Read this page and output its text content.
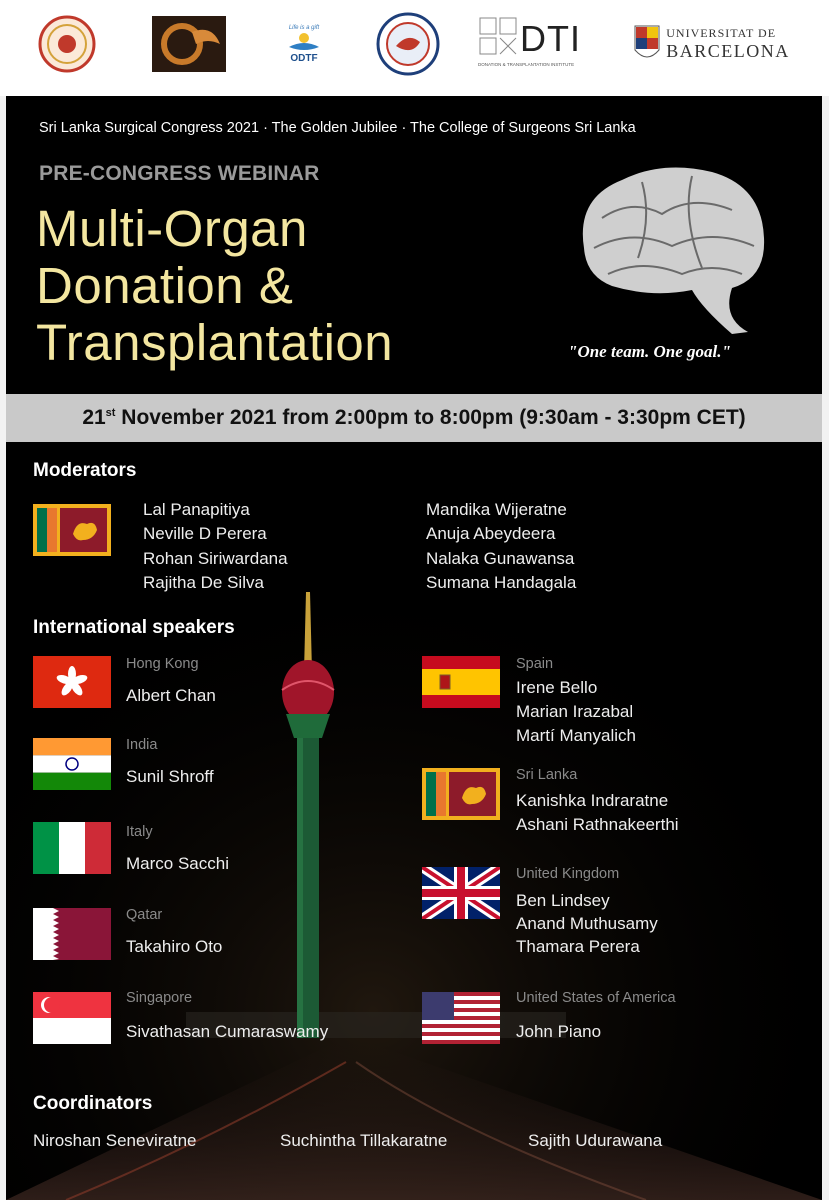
Life is a gift
ODTF	DTI
DONATION & TRANSPLANTATION INSTITUTE
UNIVERSITAT DE
BARCELONA
Sri Lanka Surgical Congress 2021 · The Golden Jubilee · The College of Surgeons Sri Lanka
PRE-CONGRESS WEBINAR
Multi-Organ
Donation &
Transplantation	"One team. One goal."
21st November 2021 from 2:00pm to 8:00pm (9:30am - 3:30pm CET)
Moderators
Lal Panapitiya
Neville D Perera
Rohan Siriwardana
Rajitha De Silva
Mandika Wijeratne
Anuja Abeydeera
Nalaka Gunawansa
Sumana Handagala
International speakers
Hong Kong
Albert Chan
India
Sunil Shroff
Italy
Marco Sacchi
Qatar
Takahiro Oto
Singapore
Sivathasan Cumaraswamy
Spain
Irene Bello
Marian Irazabal
Martí Manyalich
Sri Lanka
Kanishka Indraratne
Ashani Rathnakeerthi
United Kingdom
Ben Lindsey
Anand Muthusamy
Thamara Perera
United States of America
John Piano
Coordinators
Niroshan Seneviratne	Suchintha Tillakaratne	Sajith Udurawana
